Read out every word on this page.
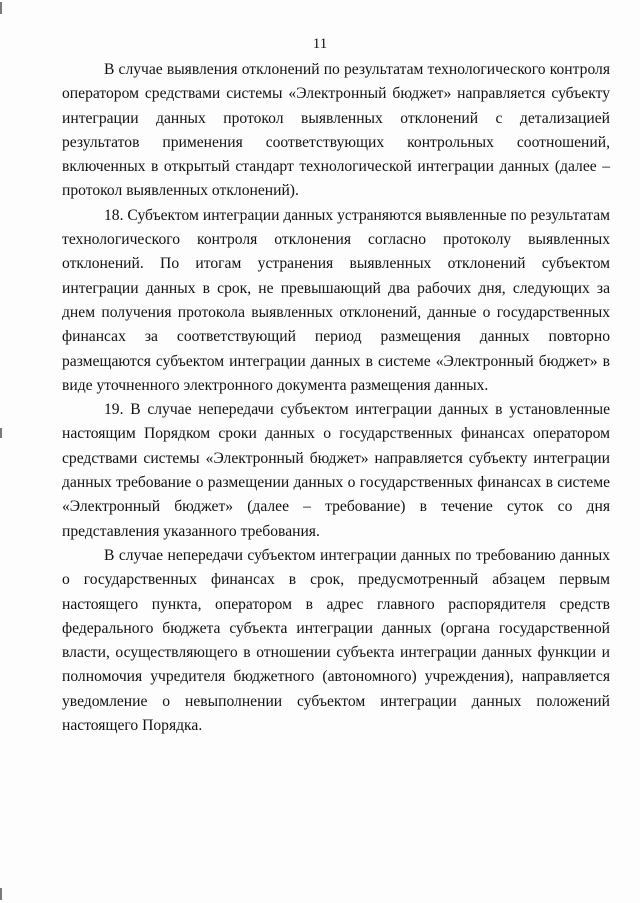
11

В случае выявления отклонений по результатам технологического контроля оператором средствами системы «Электронный бюджет» направляется субъекту интеграции данных протокол выявленных отклонений с детализацией результатов применения соответствующих контрольных соотношений, включенных в открытый стандарт технологической интеграции данных (далее – протокол выявленных отклонений).

18. Субъектом интеграции данных устраняются выявленные по результатам технологического контроля отклонения согласно протоколу выявленных отклонений. По итогам устранения выявленных отклонений субъектом интеграции данных в срок, не превышающий два рабочих дня, следующих за днем получения протокола выявленных отклонений, данные о государственных финансах за соответствующий период размещения данных повторно размещаются субъектом интеграции данных в системе «Электронный бюджет» в виде уточненного электронного документа размещения данных.

19. В случае непередачи субъектом интеграции данных в установленные настоящим Порядком сроки данных о государственных финансах оператором средствами системы «Электронный бюджет» направляется субъекту интеграции данных требование о размещении данных о государственных финансах в системе «Электронный бюджет» (далее – требование) в течение суток со дня представления указанного требования.

В случае непередачи субъектом интеграции данных по требованию данных о государственных финансах в срок, предусмотренный абзацем первым настоящего пункта, оператором в адрес главного распорядителя средств федерального бюджета субъекта интеграции данных (органа государственной власти, осуществляющего в отношении субъекта интеграции данных функции и полномочия учредителя бюджетного (автономного) учреждения), направляется уведомление о невыполнении субъектом интеграции данных положений настоящего Порядка.
